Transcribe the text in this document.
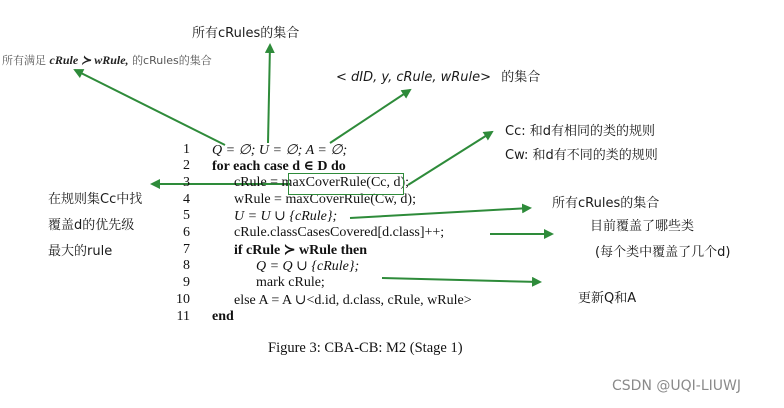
所有cRules的集合
所有满足 cRule ≻ wRule, 的cRules的集合
< dID, y, cRule, wRule> 的集合
Cc: 和d有相同的类的规则
Cw: 和d有不同的类的规则
在规则集Cc中找
覆盖d的优先级
最大的rule
所有cRules的集合
目前覆盖了哪些类
(每个类中覆盖了几个d)
更新Q和A
1
2
3
4
5
6
7
8
9
10
11
Q = ∅; U = ∅; A = ∅;
for each case d ∈ D do
cRule = maxCoverRule(Cc, d);
wRule = maxCoverRule(Cw, d);
U = U ∪ {cRule};
cRule.classCasesCovered[d.class]++;
if cRule ≻ wRule then
Q = Q ∪ {cRule};
mark cRule;
else A = A ∪<d.id, d.class, cRule, wRule>
end
Figure 3: CBA-CB: M2 (Stage 1)
CSDN @UQI-LIUWJ
